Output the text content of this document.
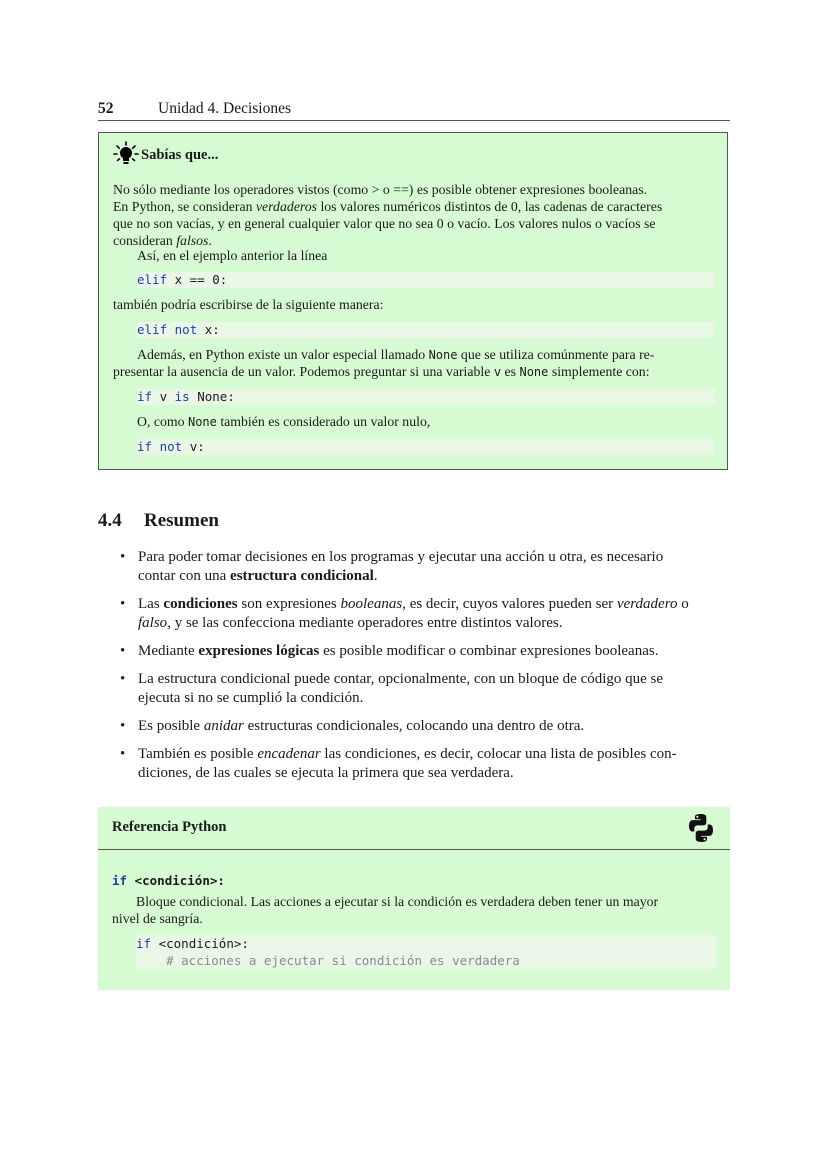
52	Unidad 4. Decisiones
Sabías que...
No sólo mediante los operadores vistos (como > o ==) es posible obtener expresiones booleanas.
En Python, se consideran verdaderos los valores numéricos distintos de 0, las cadenas de caracteres
que no son vacías, y en general cualquier valor que no sea 0 o vacío. Los valores nulos o vacíos se
consideran falsos.
Así, en el ejemplo anterior la línea
elif x == 0:
también podría escribirse de la siguiente manera:
elif not x:
Además, en Python existe un valor especial llamado None que se utiliza comúnmente para re-
presentar la ausencia de un valor. Podemos preguntar si una variable v es None simplemente con:
if v is None:
O, como None también es considerado un valor nulo,
if not v:
4.4 Resumen
• Para poder tomar decisiones en los programas y ejecutar una acción u otra, es necesario
contar con una estructura condicional.
• Las condiciones son expresiones booleanas, es decir, cuyos valores pueden ser verdadero o
falso, y se las confecciona mediante operadores entre distintos valores.
• Mediante expresiones lógicas es posible modificar o combinar expresiones booleanas.
• La estructura condicional puede contar, opcionalmente, con un bloque de código que se
ejecuta si no se cumplió la condición.
• Es posible anidar estructuras condicionales, colocando una dentro de otra.
• También es posible encadenar las condiciones, es decir, colocar una lista de posibles con-
diciones, de las cuales se ejecuta la primera que sea verdadera.
Referencia Python
if <condición>:
Bloque condicional. Las acciones a ejecutar si la condición es verdadera deben tener un mayor
nivel de sangría.
if <condición>:
# acciones a ejecutar si condición es verdadera
